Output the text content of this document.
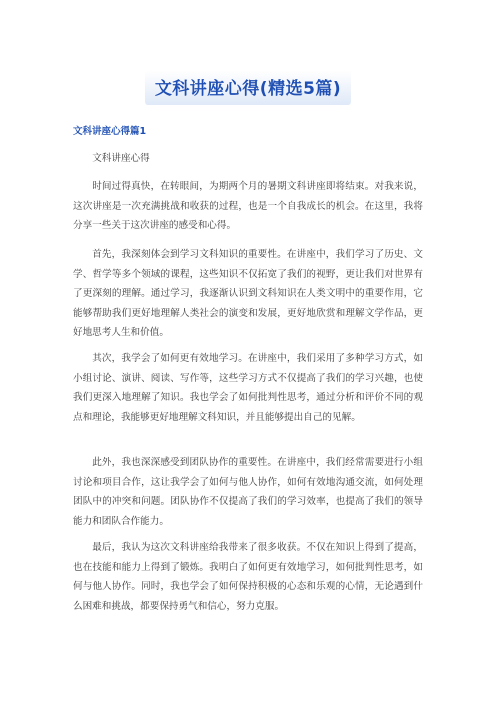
文科讲座心得(精选5篇)
文科讲座心得篇1

文科讲座心得

时间过得真快，在转眼间，为期两个月的暑期文科讲座即将结束。对我来说，这次讲座是一次充满挑战和收获的过程，也是一个自我成长的机会。在这里，我将分享一些关于这次讲座的感受和心得。

首先，我深刻体会到学习文科知识的重要性。在讲座中，我们学习了历史、文学、哲学等多个领域的课程，这些知识不仅拓宽了我们的视野，更让我们对世界有了更深刻的理解。通过学习，我逐渐认识到文科知识在人类文明中的重要作用，它能够帮助我们更好地理解人类社会的演变和发展，更好地欣赏和理解文学作品，更好地思考人生和价值。

其次，我学会了如何更有效地学习。在讲座中，我们采用了多种学习方式，如小组讨论、演讲、阅读、写作等，这些学习方式不仅提高了我们的学习兴趣，也使我们更深入地理解了知识。我也学会了如何批判性思考，通过分析和评价不同的观点和理论，我能够更好地理解文科知识，并且能够提出自己的见解。

此外，我也深深感受到团队协作的重要性。在讲座中，我们经常需要进行小组讨论和项目合作，这让我学会了如何与他人协作，如何有效地沟通交流，如何处理团队中的冲突和问题。团队协作不仅提高了我们的学习效率，也提高了我们的领导能力和团队合作能力。

最后，我认为这次文科讲座给我带来了很多收获。不仅在知识上得到了提高，也在技能和能力上得到了锻炼。我明白了如何更有效地学习，如何批判性思考，如何与他人协作。同时，我也学会了如何保持积极的心态和乐观的心情，无论遇到什么困难和挑战，都要保持勇气和信心，努力克服。
